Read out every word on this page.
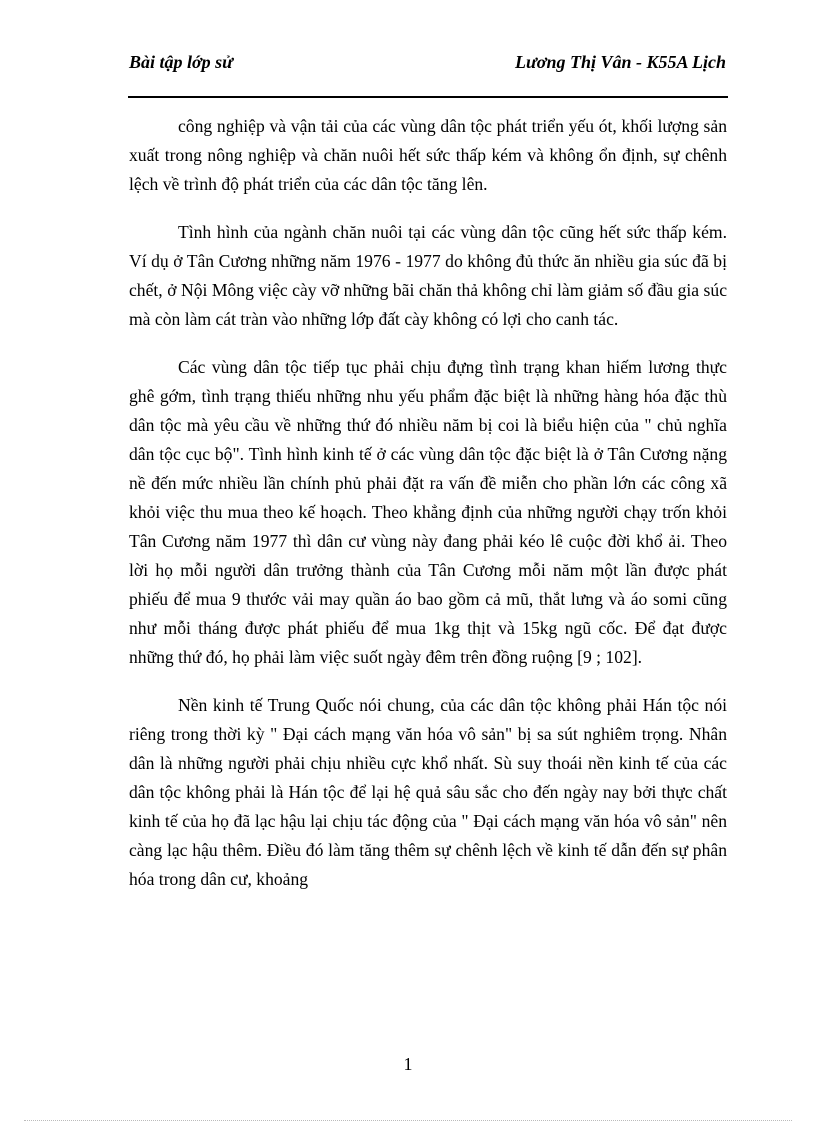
Bài tập lớp sử	Lương Thị Vân - K55A Lịch

công nghiệp và vận tải của các vùng dân tộc phát triển yếu ót, khối lượng sản xuất trong nông nghiệp và chăn nuôi hết sức thấp kém và không ổn định, sự chênh lệch về trình độ phát triển của các dân tộc tăng lên.

Tình hình của ngành chăn nuôi tại các vùng dân tộc cũng hết sức thấp kém. Ví dụ ở Tân Cương những năm 1976 - 1977 do không đủ thức ăn nhiều gia súc đã bị chết, ở Nội Mông việc cày vỡ những bãi chăn thả không chỉ làm giảm số đầu gia súc mà còn làm cát tràn vào những lớp đất cày không có lợi cho canh tác.

Các vùng dân tộc tiếp tục phải chịu đựng tình trạng khan hiếm lương thực ghê gớm, tình trạng thiếu những nhu yếu phẩm đặc biệt là những hàng hóa đặc thù dân tộc mà yêu cầu về những thứ đó nhiều năm bị coi là biểu hiện của " chủ nghĩa dân tộc cục bộ". Tình hình kinh tế ở các vùng dân tộc đặc biệt là ở Tân Cương nặng nề đến mức nhiều lần chính phủ phải đặt ra vấn đề miễn cho phần lớn các công xã khỏi việc thu mua theo kế hoạch. Theo khẳng định của những người chạy trốn khỏi Tân Cương năm 1977 thì dân cư vùng này đang phải kéo lê cuộc đời khổ ải. Theo lời họ mỗi người dân trưởng thành của Tân Cương mỗi năm một lần được phát phiếu để mua 9 thước vải may quần áo bao gồm cả mũ, thắt lưng và áo somi cũng như mỗi tháng được phát phiếu để mua 1kg thịt và 15kg ngũ cốc. Để đạt được những thứ đó, họ phải làm việc suốt ngày đêm trên đồng ruộng [9 ; 102].

Nền kinh tế Trung Quốc nói chung, của các dân tộc không phải Hán tộc nói riêng trong thời kỳ " Đại cách mạng văn hóa vô sản" bị sa sút nghiêm trọng. Nhân dân là những người phải chịu nhiều cực khổ nhất. Sù suy thoái nền kinh tế của các dân tộc không phải là Hán tộc để lại hệ quả sâu sắc cho đến ngày nay bởi thực chất kinh tế của họ đã lạc hậu lại chịu tác động của " Đại cách mạng văn hóa vô sản" nên càng lạc hậu thêm. Điều đó làm tăng thêm sự chênh lệch về kinh tế dẫn đến sự phân hóa trong dân cư, khoảng

1
